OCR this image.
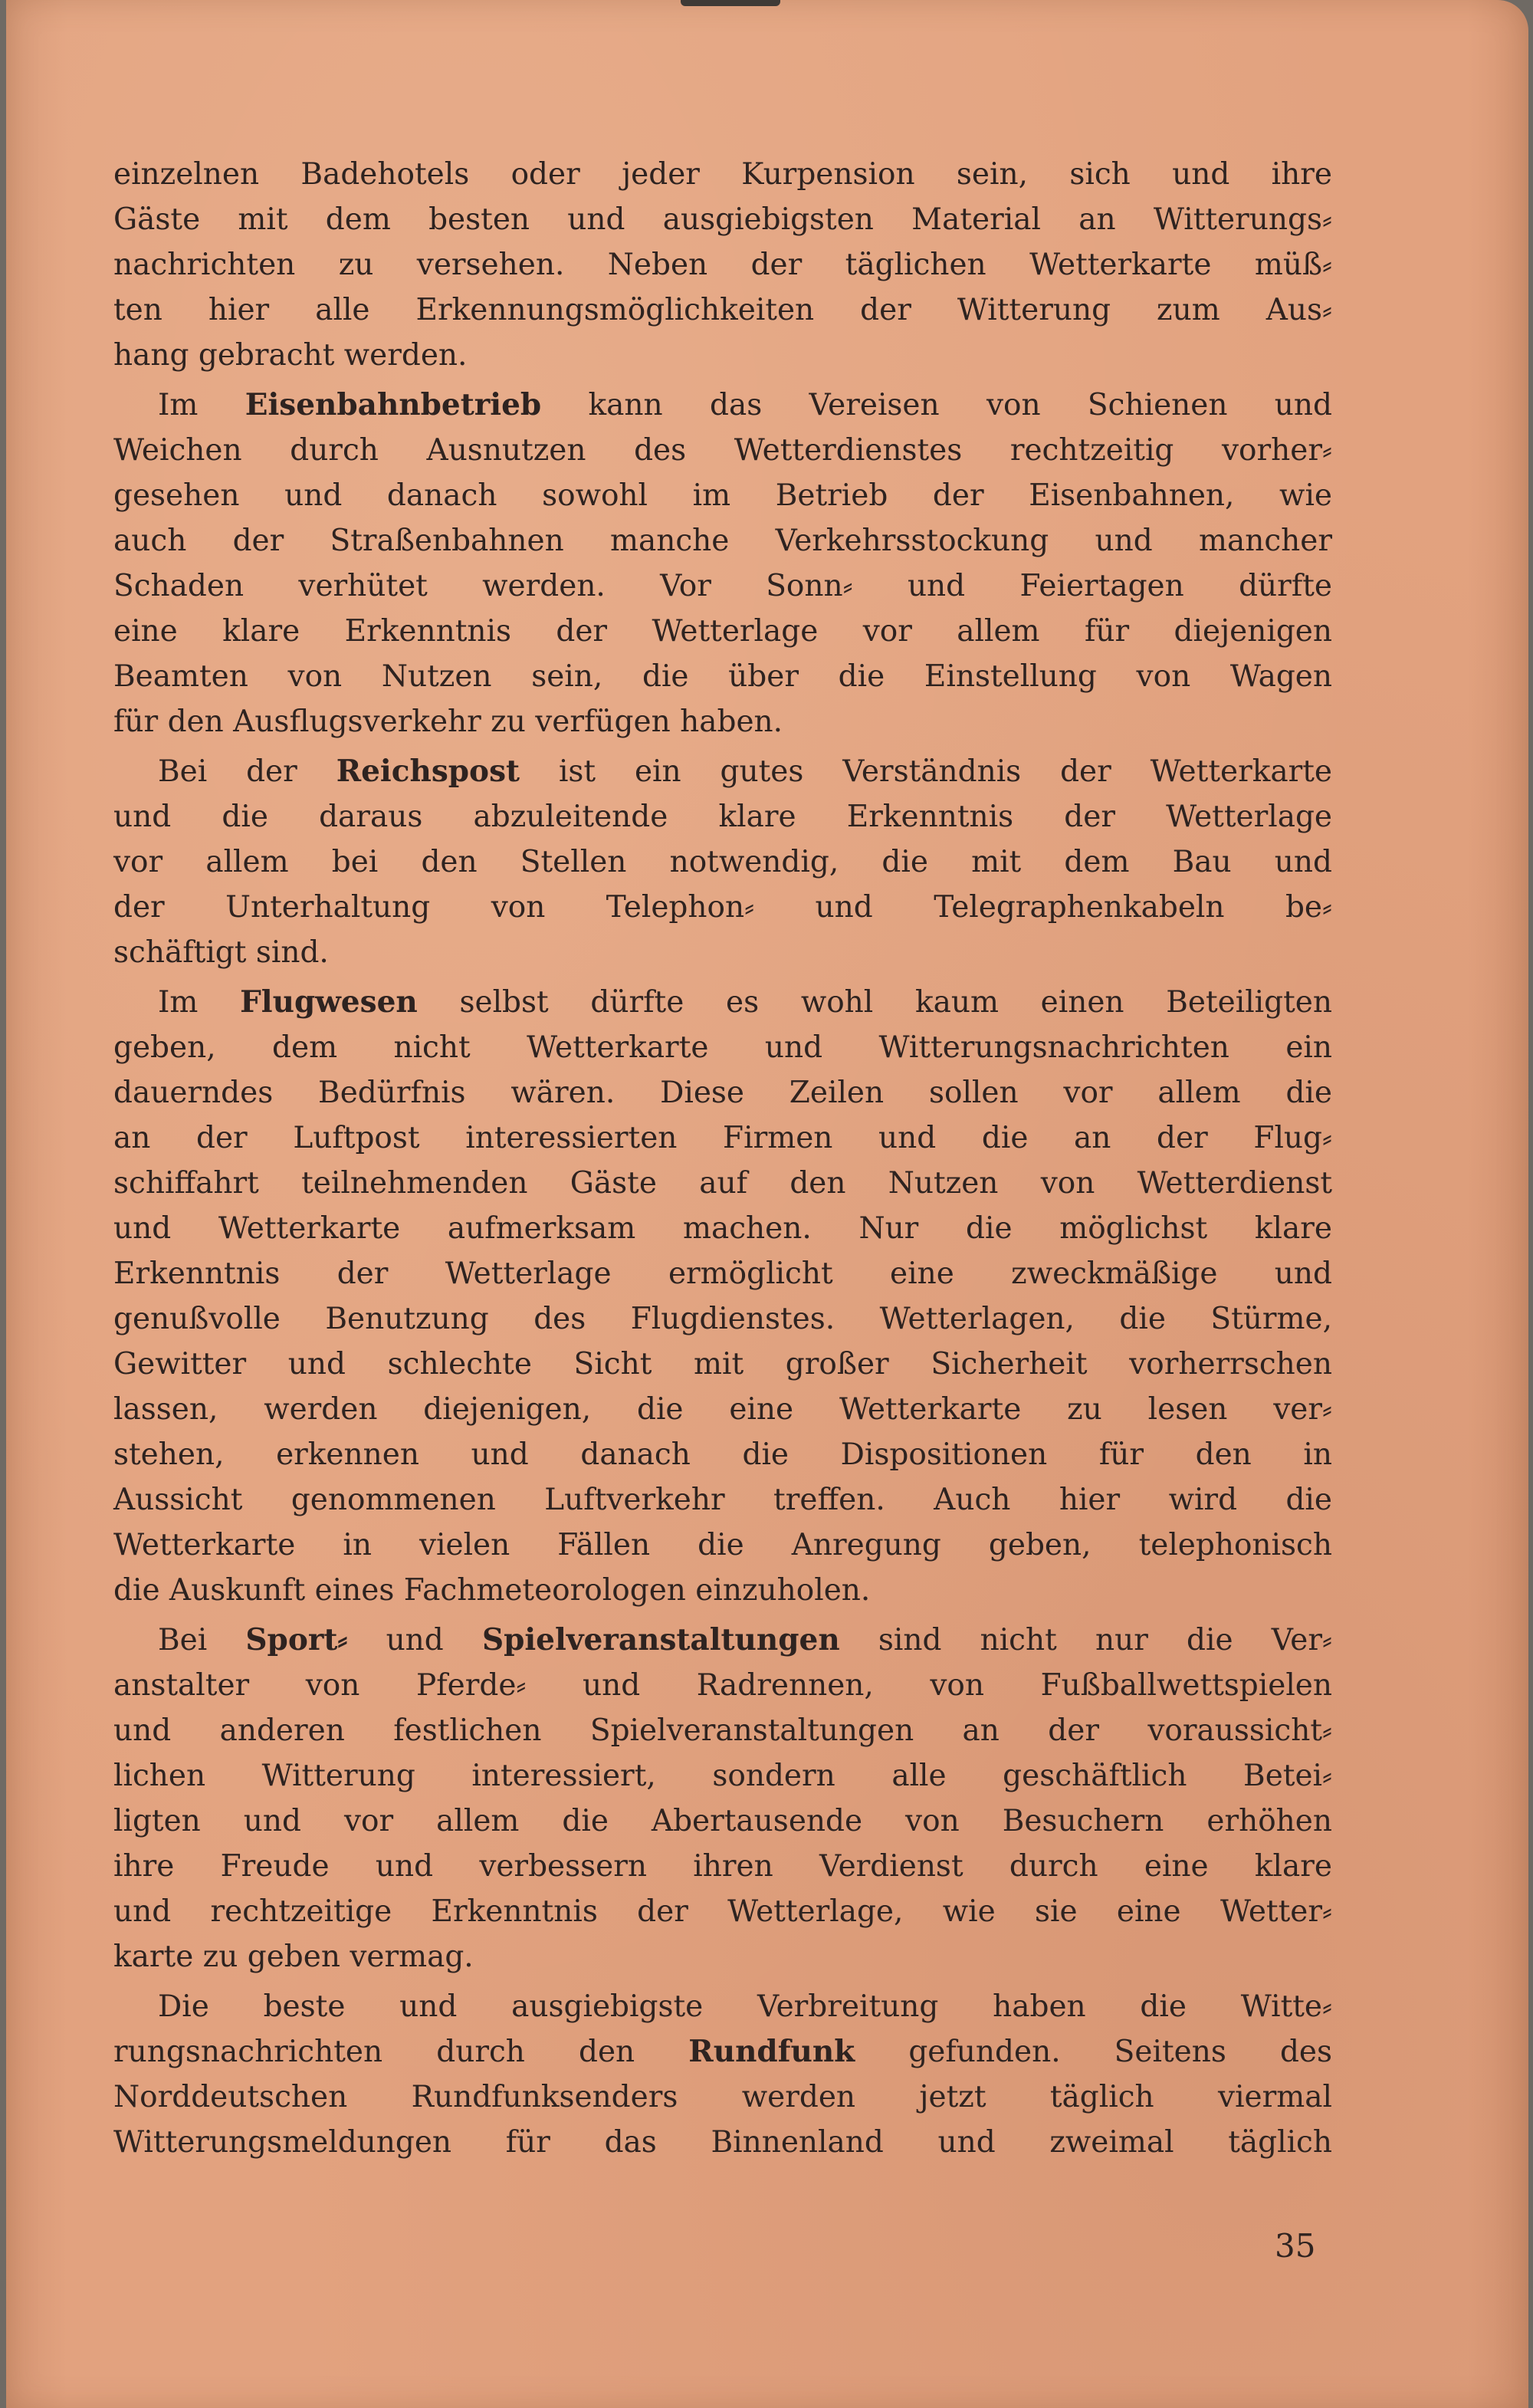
einzelnen Badehotels oder jeder Kurpension sein, sich und ihre
Gäste mit dem besten und ausgiebigsten Material an Witterungs⸗
nachrichten zu versehen. Neben der täglichen Wetterkarte müß⸗
ten hier alle Erkennungsmöglichkeiten der Witterung zum Aus⸗
hang gebracht werden.
Im Eisenbahnbetrieb kann das Vereisen von Schienen und
Weichen durch Ausnutzen des Wetterdienstes rechtzeitig vorher⸗
gesehen und danach sowohl im Betrieb der Eisenbahnen, wie
auch der Straßenbahnen manche Verkehrsstockung und mancher
Schaden verhütet werden. Vor Sonn⸗ und Feiertagen dürfte
eine klare Erkenntnis der Wetterlage vor allem für diejenigen
Beamten von Nutzen sein, die über die Einstellung von Wagen
für den Ausflugsverkehr zu verfügen haben.
Bei der Reichspost ist ein gutes Verständnis der Wetterkarte
und die daraus abzuleitende klare Erkenntnis der Wetterlage
vor allem bei den Stellen notwendig, die mit dem Bau und
der Unterhaltung von Telephon⸗ und Telegraphenkabeln be⸗
schäftigt sind.
Im Flugwesen selbst dürfte es wohl kaum einen Beteiligten
geben, dem nicht Wetterkarte und Witterungsnachrichten ein
dauerndes Bedürfnis wären. Diese Zeilen sollen vor allem die
an der Luftpost interessierten Firmen und die an der Flug⸗
schiffahrt teilnehmenden Gäste auf den Nutzen von Wetterdienst
und Wetterkarte aufmerksam machen. Nur die möglichst klare
Erkenntnis der Wetterlage ermöglicht eine zweckmäßige und
genußvolle Benutzung des Flugdienstes. Wetterlagen, die Stürme,
Gewitter und schlechte Sicht mit großer Sicherheit vorherrschen
lassen, werden diejenigen, die eine Wetterkarte zu lesen ver⸗
stehen, erkennen und danach die Dispositionen für den in
Aussicht genommenen Luftverkehr treffen. Auch hier wird die
Wetterkarte in vielen Fällen die Anregung geben, telephonisch
die Auskunft eines Fachmeteorologen einzuholen.
Bei Sport⸗ und Spielveranstaltungen sind nicht nur die Ver⸗
anstalter von Pferde⸗ und Radrennen, von Fußballwettspielen
und anderen festlichen Spielveranstaltungen an der voraussicht⸗
lichen Witterung interessiert, sondern alle geschäftlich Betei⸗
ligten und vor allem die Abertausende von Besuchern erhöhen
ihre Freude und verbessern ihren Verdienst durch eine klare
und rechtzeitige Erkenntnis der Wetterlage, wie sie eine Wetter⸗
karte zu geben vermag.
Die beste und ausgiebigste Verbreitung haben die Witte⸗
rungsnachrichten durch den Rundfunk gefunden. Seitens des
Norddeutschen Rundfunksenders werden jetzt täglich viermal
Witterungsmeldungen für das Binnenland und zweimal täglich
35
